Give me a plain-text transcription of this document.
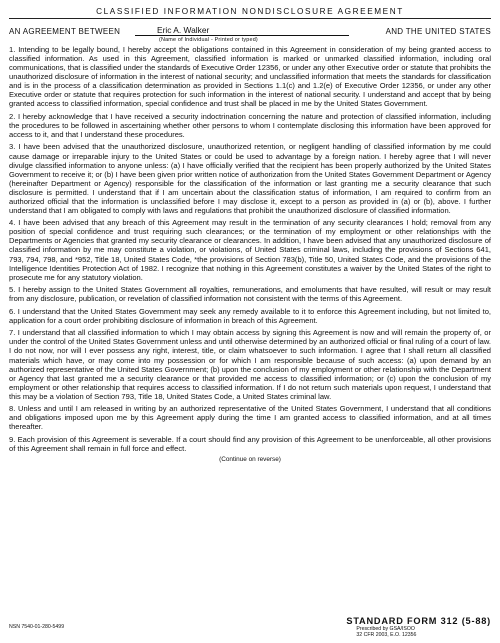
CLASSIFIED INFORMATION NONDISCLOSURE AGREEMENT
AN AGREEMENT BETWEEN	Eric A. Walker	AND THE UNITED STATES
(Name of Individual - Printed or typed)

1. Intending to be legally bound, I hereby accept the obligations contained in this Agreement in consideration of my being granted access to classified information. As used in this Agreement, classified information is marked or unmarked classified information, including oral communications, that is classified under the standards of Executive Order 12356, or under any other Executive order or statute that prohibits the unauthorized disclosure of information in the interest of national security; and unclassified information that meets the standards for classification and is in the process of a classification determination as provided in Sections 1.1(c) and 1.2(e) of Executive Order 12356, or under any other Executive order or statute that requires protection for such information in the interest of national security. I understand and accept that by being granted access to classified information, special confidence and trust shall be placed in me by the United States Government.

2. I hereby acknowledge that I have received a security indoctrination concerning the nature and protection of classified information, including the procedures to be followed in ascertaining whether other persons to whom I contemplate disclosing this information have been approved for access to it, and that I understand these procedures.

3. I have been advised that the unauthorized disclosure, unauthorized retention, or negligent handling of classified information by me could cause damage or irreparable injury to the United States or could be used to advantage by a foreign nation. I hereby agree that I will never divulge classified information to anyone unless: (a) I have officially verified that the recipient has been properly authorized by the United States Government to receive it; or (b) I have been given prior written notice of authorization from the United States Government Department or Agency (hereinafter Department or Agency) responsible for the classification of the information or last granting me a security clearance that such disclosure is permitted. I understand that if I am uncertain about the classification status of information, I am required to confirm from an authorized official that the information is unclassified before I may disclose it, except to a person as provided in (a) or (b), above. I further understand that I am obligated to comply with laws and regulations that prohibit the unauthorized disclosure of classified information.

4. I have been advised that any breach of this Agreement may result in the termination of any security clearances I hold; removal from any position of special confidence and trust requiring such clearances; or the termination of my employment or other relationships with the Departments or Agencies that granted my security clearance or clearances. In addition, I have been advised that any unauthorized disclosure of classified information by me may constitute a violation, or violations, of United States criminal laws, including the provisions of Sections 641, 793, 794, 798, and *952, Title 18, United States Code, *the provisions of Section 783(b), Title 50, United States Code, and the provisions of the Intelligence Identities Protection Act of 1982. I recognize that nothing in this Agreement constitutes a waiver by the United States of the right to prosecute me for any statutory violation.

5. I hereby assign to the United States Government all royalties, remunerations, and emoluments that have resulted, will result or may result from any disclosure, publication, or revelation of classified information not consistent with the terms of this Agreement.

6. I understand that the United States Government may seek any remedy available to it to enforce this Agreement including, but not limited to, application for a court order prohibiting disclosure of information in breach of this Agreement.

7. I understand that all classified information to which I may obtain access by signing this Agreement is now and will remain the property of, or under the control of the United States Government unless and until otherwise determined by an authorized official or final ruling of a court of law. I do not now, nor will I ever possess any right, interest, title, or claim whatsoever to such information. I agree that I shall return all classified materials which have, or may come into my possession or for which I am responsible because of such access: (a) upon demand by an authorized representative of the United States Government; (b) upon the conclusion of my employment or other relationship with the Department or Agency that last granted me a security clearance or that provided me access to classified information; or (c) upon the conclusion of my employment or other relationship that requires access to classified information. If I do not return such materials upon request, I understand that this may be a violation of Section 793, Title 18, United States Code, a United States criminal law.

8. Unless and until I am released in writing by an authorized representative of the United States Government, I understand that all conditions and obligations imposed upon me by this Agreement apply during the time I am granted access to classified information, and at all times thereafter.

9. Each provision of this Agreement is severable. If a court should find any provision of this Agreement to be unenforceable, all other provisions of this Agreement shall remain in full force and effect.

(Continue on reverse)
NSN 7540-01-280-5499
STANDARD FORM 312 (5-88)
Prescribed by GSA/ISOO
32 CFR 2003, E.O. 12356
